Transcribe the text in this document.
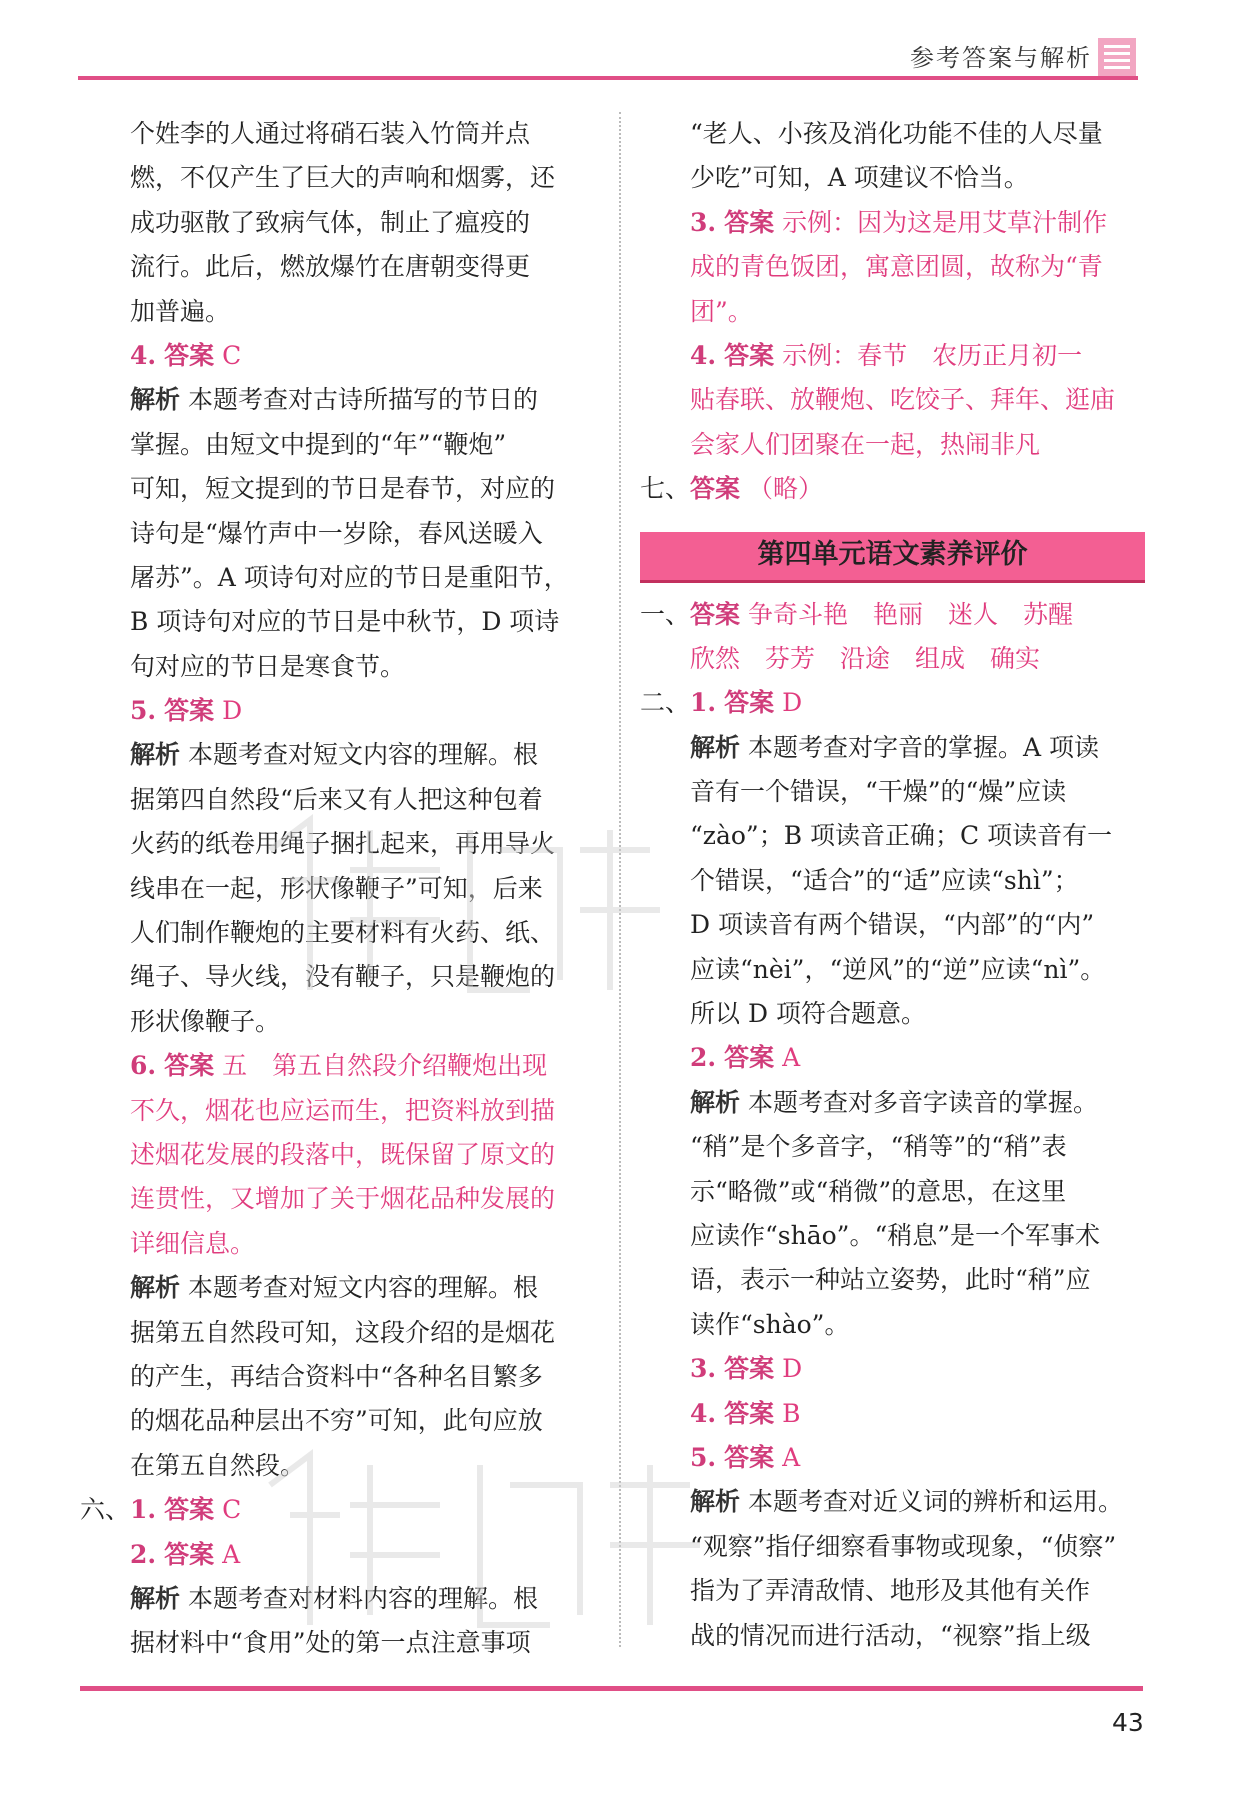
参考答案与解析
个姓李的人通过将硝石装入竹筒并点
燃，不仅产生了巨大的声响和烟雾，还
成功驱散了致病气体，制止了瘟疫的
流行。此后，燃放爆竹在唐朝变得更
加普遍。
4. 答案 C
解析 本题考查对古诗所描写的节日的
掌握。由短文中提到的“年”“鞭炮”
可知，短文提到的节日是春节，对应的
诗句是“爆竹声中一岁除，春风送暖入
屠苏”。A 项诗句对应的节日是重阳节，
B 项诗句对应的节日是中秋节，D 项诗
句对应的节日是寒食节。
5. 答案 D
解析 本题考查对短文内容的理解。根
据第四自然段“后来又有人把这种包着
火药的纸卷用绳子捆扎起来，再用导火
线串在一起，形状像鞭子”可知，后来
人们制作鞭炮的主要材料有火药、纸、
绳子、导火线，没有鞭子，只是鞭炮的
形状像鞭子。
6. 答案 五　第五自然段介绍鞭炮出现
不久，烟花也应运而生，把资料放到描
述烟花发展的段落中，既保留了原文的
连贯性，又增加了关于烟花品种发展的
详细信息。
解析 本题考查对短文内容的理解。根
据第五自然段可知，这段介绍的是烟花
的产生，再结合资料中“各种名目繁多
的烟花品种层出不穷”可知，此句应放
在第五自然段。
六、1. 答案 C
2. 答案 A
解析 本题考查对材料内容的理解。根
据材料中“食用”处的第一点注意事项
“老人、小孩及消化功能不佳的人尽量
少吃”可知，A 项建议不恰当。
3. 答案 示例：因为这是用艾草汁制作
成的青色饭团，寓意团圆，故称为“青
团”。
4. 答案 示例：春节　农历正月初一
贴春联、放鞭炮、吃饺子、拜年、逛庙
会家人们团聚在一起，热闹非凡
七、答案 （略）
第四单元语文素养评价
一、答案 争奇斗艳　艳丽　迷人　苏醒
欣然　芬芳　沿途　组成　确实
二、1. 答案 D
解析 本题考查对字音的掌握。A 项读
音有一个错误，“干燥”的“燥”应读
“zào”；B 项读音正确；C 项读音有一
个错误，“适合”的“适”应读“shì”；
D 项读音有两个错误，“内部”的“内”
应读“nèi”，“逆风”的“逆”应读“nì”。
所以 D 项符合题意。
2. 答案 A
解析 本题考查对多音字读音的掌握。
“稍”是个多音字，“稍等”的“稍”表
示“略微”或“稍微”的意思，在这里
应读作“shāo”。“稍息”是一个军事术
语，表示一种站立姿势，此时“稍”应
读作“shào”。
3. 答案 D
4. 答案 B
5. 答案 A
解析 本题考查对近义词的辨析和运用。
“观察”指仔细察看事物或现象，“侦察”
指为了弄清敌情、地形及其他有关作
战的情况而进行活动，“视察”指上级
43
